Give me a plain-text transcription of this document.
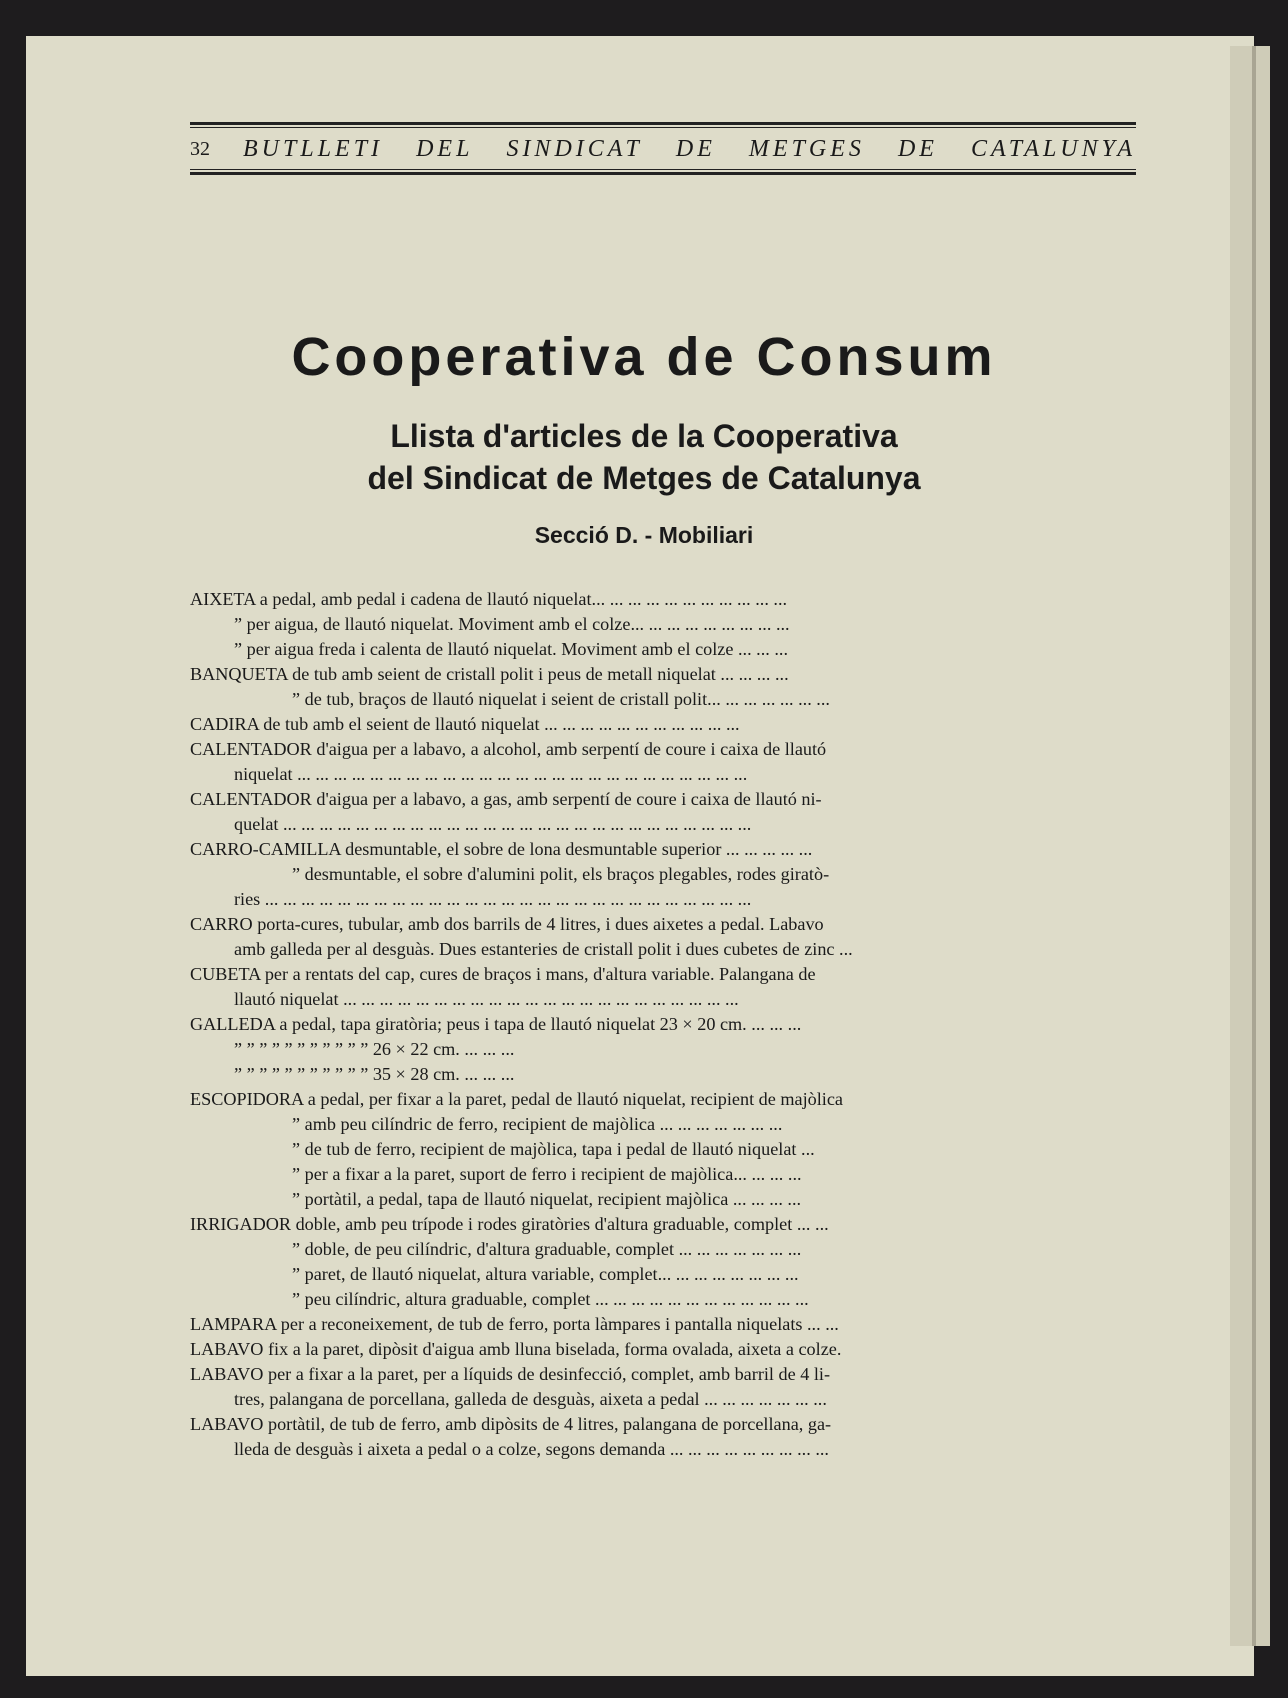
32 BUTLLETI DEL SINDICAT DE METGES DE CATALUNYA
Cooperativa de Consum
Llista d'articles de la Cooperativa
del Sindicat de Metges de Catalunya
Secció D. - Mobiliari
AIXETA a pedal, amb pedal i cadena de llautó niquelat... ... ... ... ... ... ... ... ... ... ...
” per aigua, de llautó niquelat. Moviment amb el colze... ... ... ... ... ... ... ... ...
” per aigua freda i calenta de llautó niquelat. Moviment amb el colze ... ... ...
BANQUETA de tub amb seient de cristall polit i peus de metall niquelat ... ... ... ...
” de tub, braços de llautó niquelat i seient de cristall polit... ... ... ... ... ... ...
CADIRA de tub amb el seient de llautó niquelat ... ... ... ... ... ... ... ... ... ... ...
CALENTADOR d'aigua per a labavo, a alcohol, amb serpentí de coure i caixa de llautó
niquelat ... ... ... ... ... ... ... ... ... ... ... ... ... ... ... ... ... ... ... ... ... ... ... ... ...
CALENTADOR d'aigua per a labavo, a gas, amb serpentí de coure i caixa de llautó ni-
quelat ... ... ... ... ... ... ... ... ... ... ... ... ... ... ... ... ... ... ... ... ... ... ... ... ... ...
CARRO-CAMILLA desmuntable, el sobre de lona desmuntable superior ... ... ... ... ...
” desmuntable, el sobre d'alumini polit, els braços plegables, rodes giratò-
ries ... ... ... ... ... ... ... ... ... ... ... ... ... ... ... ... ... ... ... ... ... ... ... ... ... ... ...
CARRO porta-cures, tubular, amb dos barrils de 4 litres, i dues aixetes a pedal. Labavo
amb galleda per al desguàs. Dues estanteries de cristall polit i dues cubetes de zinc ...
CUBETA per a rentats del cap, cures de braços i mans, d'altura variable. Palangana de
llautó niquelat ... ... ... ... ... ... ... ... ... ... ... ... ... ... ... ... ... ... ... ... ... ...
GALLEDA a pedal, tapa giratòria; peus i tapa de llautó niquelat 23 × 20 cm. ... ... ...
” ” ” ” ” ” ” ” ” ” ” 26 × 22 cm. ... ... ...
” ” ” ” ” ” ” ” ” ” ” 35 × 28 cm. ... ... ...
ESCOPIDORA a pedal, per fixar a la paret, pedal de llautó niquelat, recipient de majòlica
” amb peu cilíndric de ferro, recipient de majòlica ... ... ... ... ... ... ...
” de tub de ferro, recipient de majòlica, tapa i pedal de llautó niquelat ...
” per a fixar a la paret, suport de ferro i recipient de majòlica... ... ... ...
” portàtil, a pedal, tapa de llautó niquelat, recipient majòlica ... ... ... ...
IRRIGADOR doble, amb peu trípode i rodes giratòries d'altura graduable, complet ... ...
” doble, de peu cilíndric, d'altura graduable, complet ... ... ... ... ... ... ...
” paret, de llautó niquelat, altura variable, complet... ... ... ... ... ... ... ...
” peu cilíndric, altura graduable, complet ... ... ... ... ... ... ... ... ... ... ... ...
LAMPARA per a reconeixement, de tub de ferro, porta làmpares i pantalla niquelats ... ...
LABAVO fix a la paret, dipòsit d'aigua amb lluna biselada, forma ovalada, aixeta a colze.
LABAVO per a fixar a la paret, per a líquids de desinfecció, complet, amb barril de 4 li-
tres, palangana de porcellana, galleda de desguàs, aixeta a pedal ... ... ... ... ... ... ...
LABAVO portàtil, de tub de ferro, amb dipòsits de 4 litres, palangana de porcellana, ga-
lleda de desguàs i aixeta a pedal o a colze, segons demanda ... ... ... ... ... ... ... ... ...
